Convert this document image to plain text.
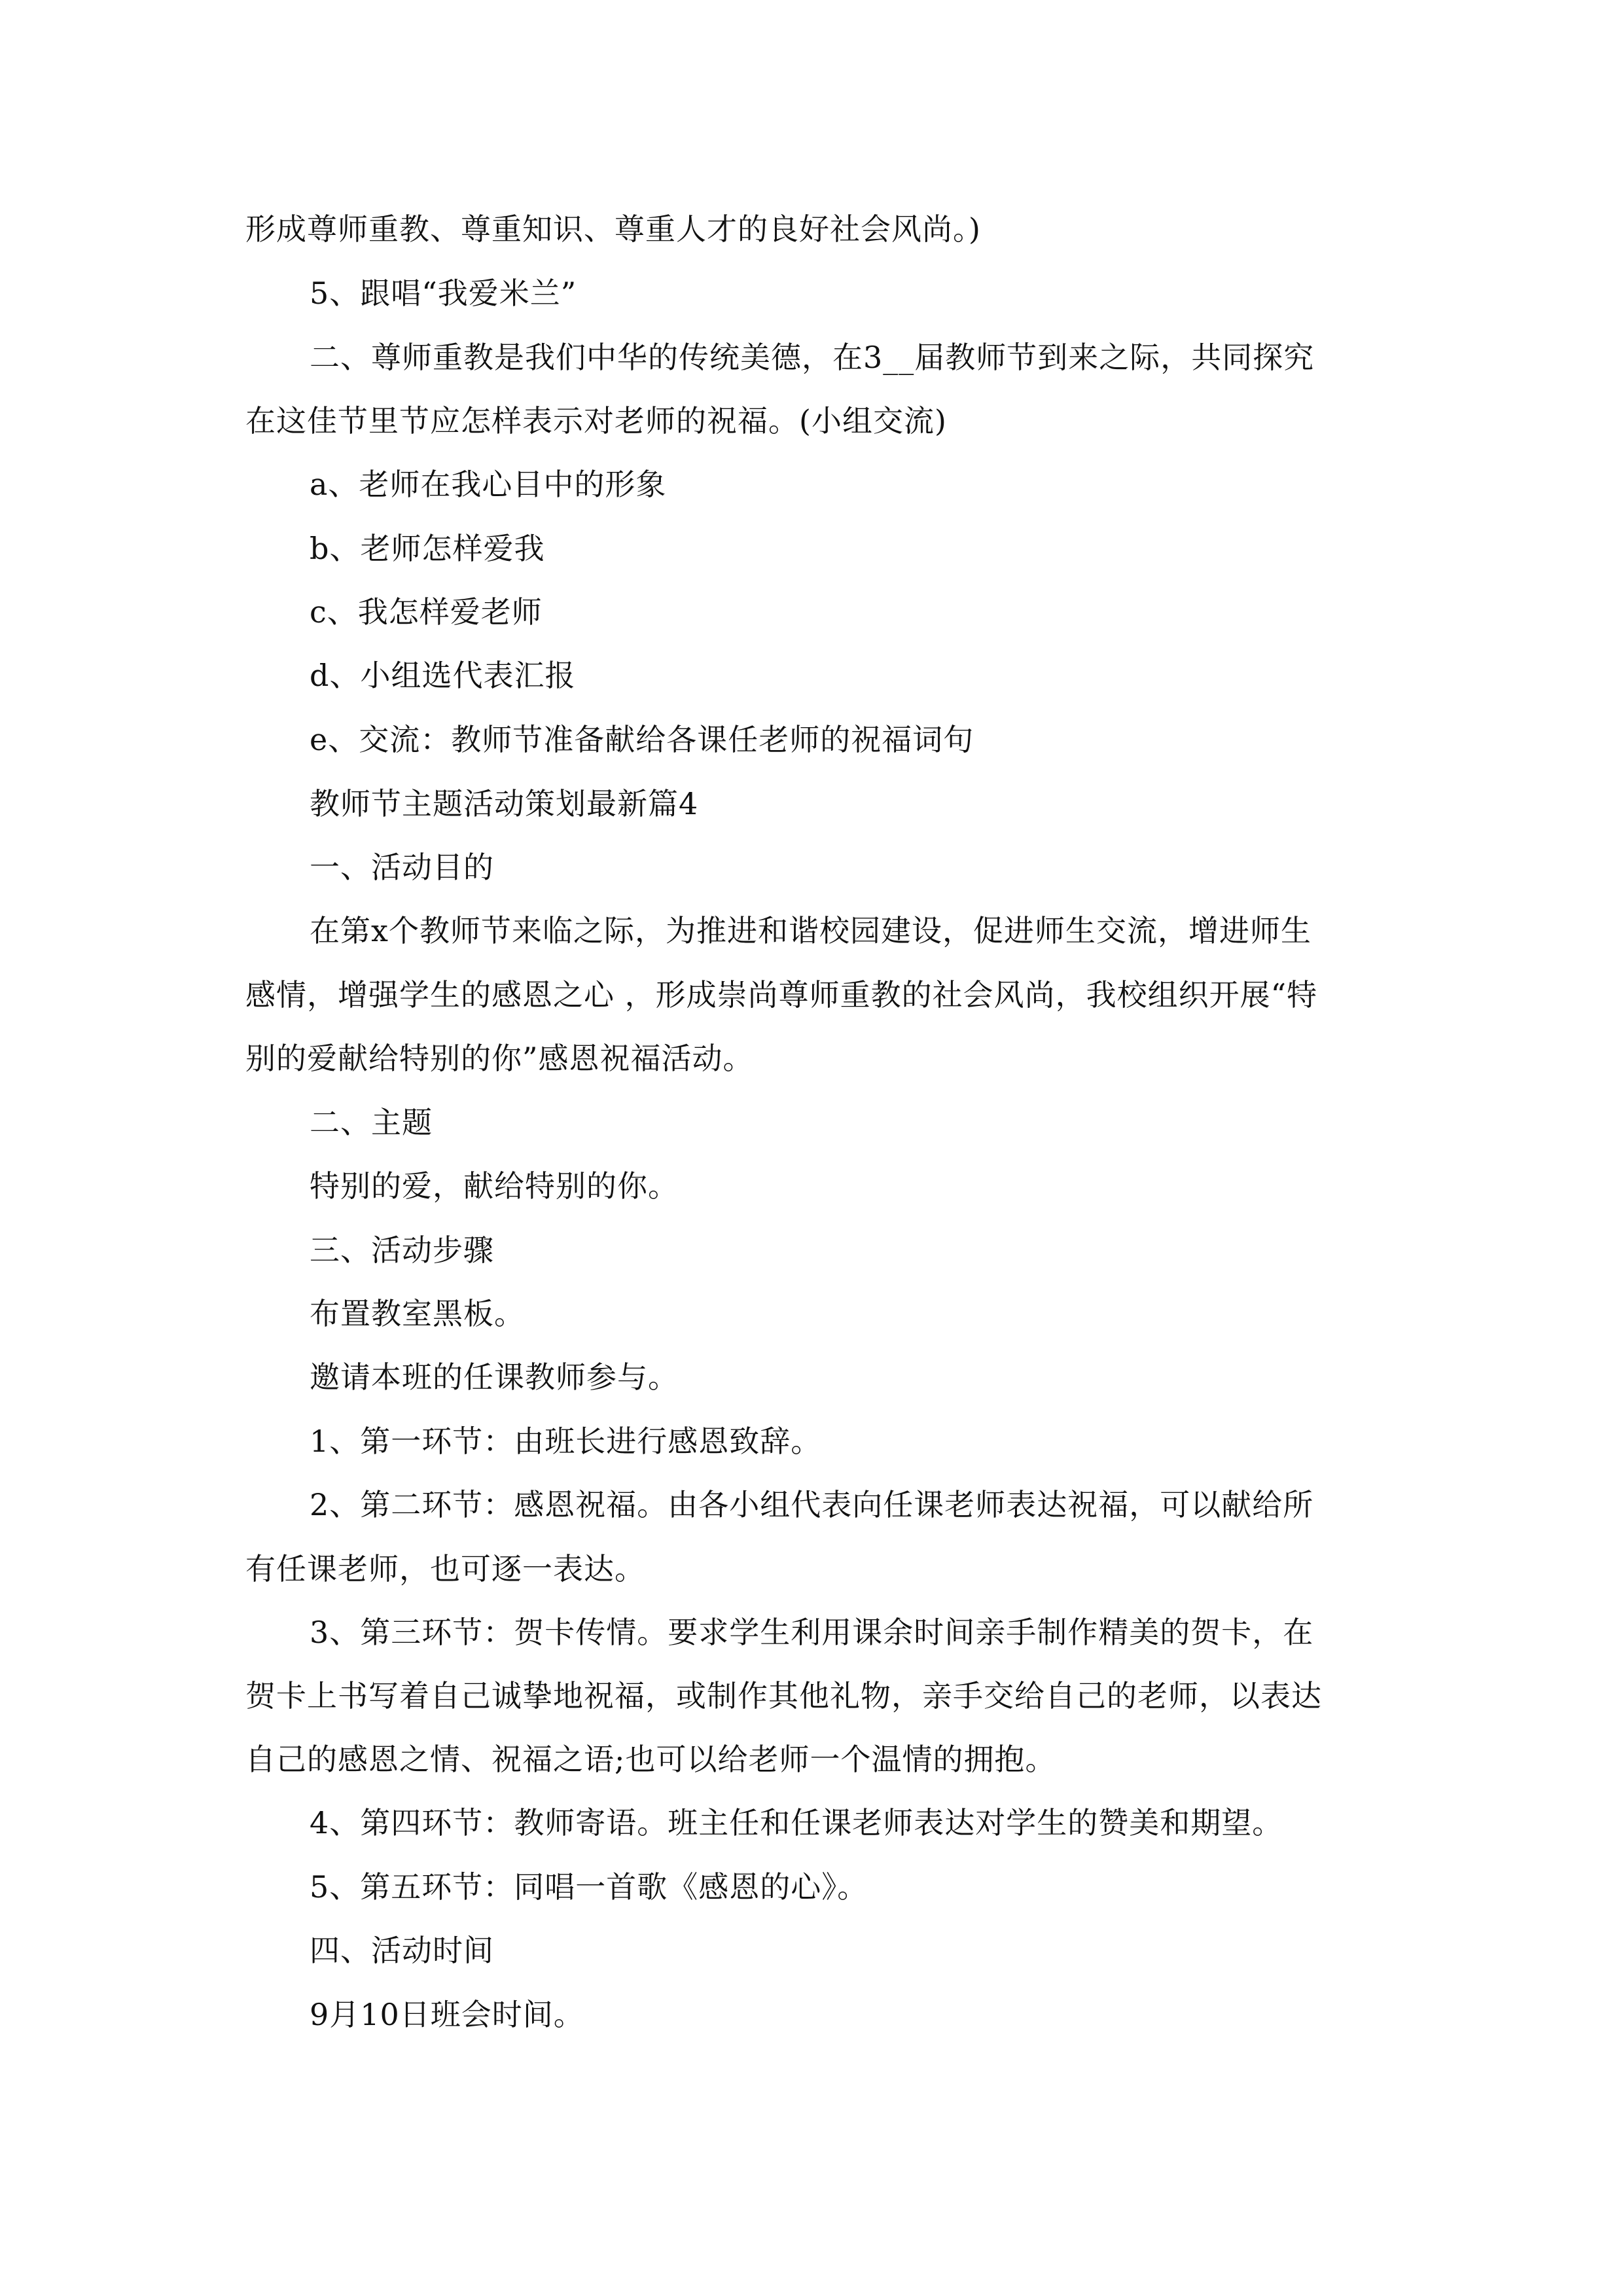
形成尊师重教、尊重知识、尊重人才的良好社会风尚。)
5、跟唱“我爱米兰”
二、尊师重教是我们中华的传统美德，在3__届教师节到来之际，共同探究
在这佳节里节应怎样表示对老师的祝福。(小组交流)
a、老师在我心目中的形象
b、老师怎样爱我
c、我怎样爱老师
d、小组选代表汇报
e、交流：教师节准备献给各课任老师的祝福词句
教师节主题活动策划最新篇4
一、活动目的
在第x个教师节来临之际，为推进和谐校园建设，促进师生交流，增进师生
感情，增强学生的感恩之心 ，形成崇尚尊师重教的社会风尚，我校组织开展“特
别的爱献给特别的你”感恩祝福活动。
二、主题
特别的爱，献给特别的你。
三、活动步骤
布置教室黑板。
邀请本班的任课教师参与。
1、第一环节：由班长进行感恩致辞。
2、第二环节：感恩祝福。由各小组代表向任课老师表达祝福，可以献给所
有任课老师，也可逐一表达。
3、第三环节：贺卡传情。要求学生利用课余时间亲手制作精美的贺卡，在
贺卡上书写着自己诚挚地祝福，或制作其他礼物，亲手交给自己的老师，以表达
自己的感恩之情、祝福之语;也可以给老师一个温情的拥抱。
4、第四环节：教师寄语。班主任和任课老师表达对学生的赞美和期望。
5、第五环节：同唱一首歌《感恩的心》。
四、活动时间
9月10日班会时间。
